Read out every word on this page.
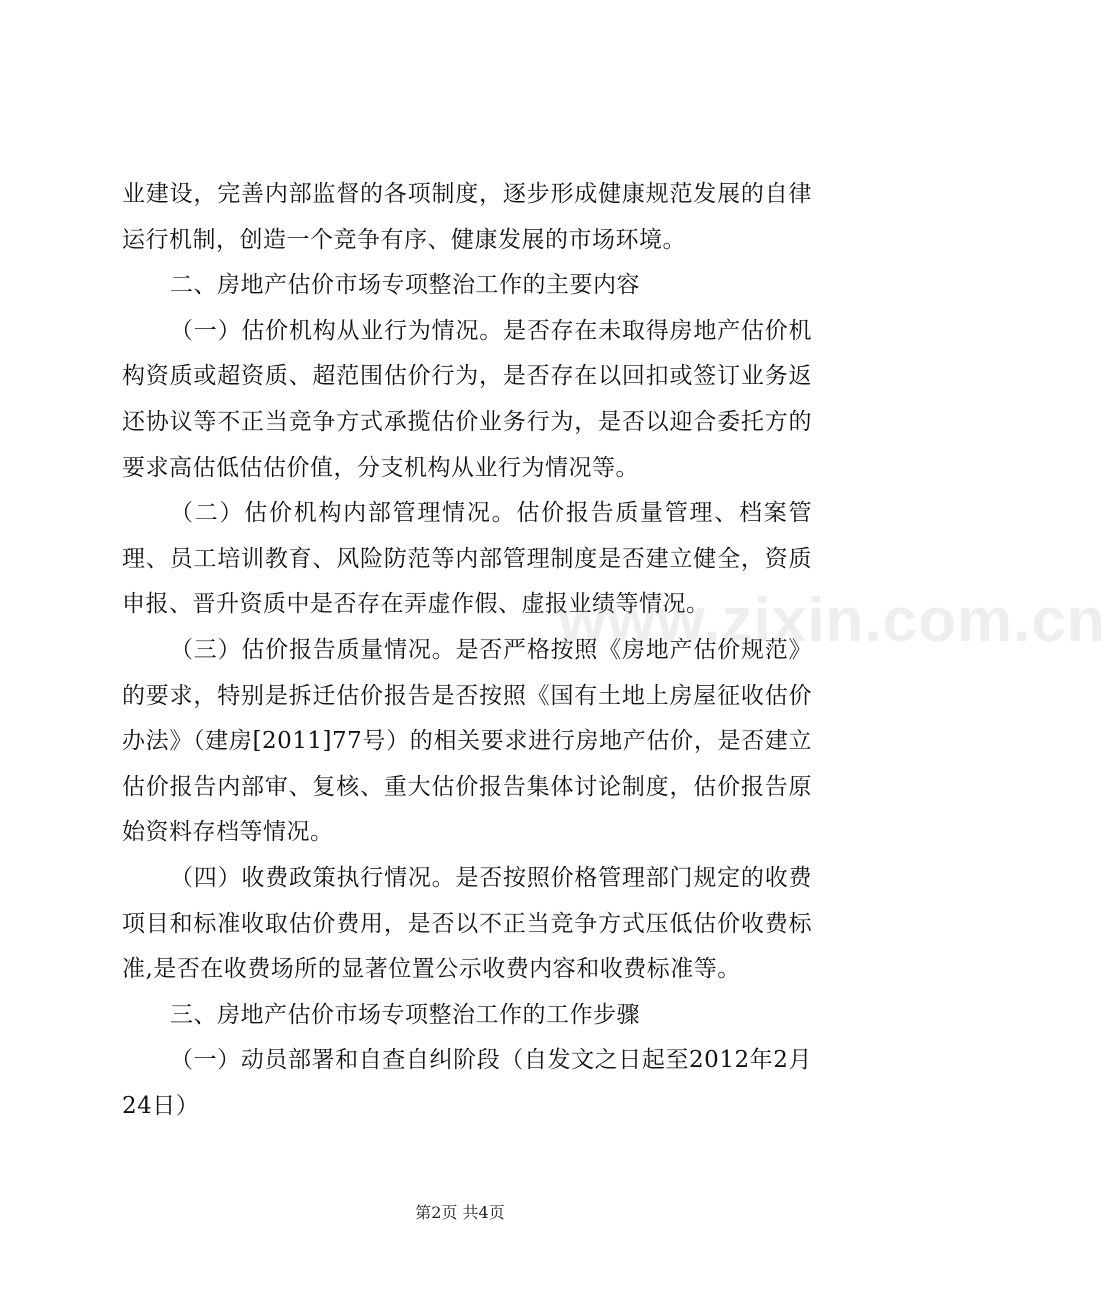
业建设，完善内部监督的各项制度，逐步形成健康规范发展的自律运行机制，创造一个竞争有序、健康发展的市场环境。

二、房地产估价市场专项整治工作的主要内容

（一）估价机构从业行为情况。是否存在未取得房地产估价机构资质或超资质、超范围估价行为，是否存在以回扣或签订业务返还协议等不正当竞争方式承揽估价业务行为，是否以迎合委托方的要求高估低估估价值，分支机构从业行为情况等。

（二）估价机构内部管理情况。估价报告质量管理、档案管理、员工培训教育、风险防范等内部管理制度是否建立健全，资质申报、晋升资质中是否存在弄虚作假、虚报业绩等情况。

（三）估价报告质量情况。是否严格按照《房地产估价规范》的要求，特别是拆迁估价报告是否按照《国有土地上房屋征收估价办法》（建房[2011]77号）的相关要求进行房地产估价，是否建立估价报告内部审、复核、重大估价报告集体讨论制度，估价报告原始资料存档等情况。

（四）收费政策执行情况。是否按照价格管理部门规定的收费项目和标准收取估价费用，是否以不正当竞争方式压低估价收费标准,是否在收费场所的显著位置公示收费内容和收费标准等。

三、房地产估价市场专项整治工作的工作步骤

（一）动员部署和自查自纠阶段（自发文之日起至2012年2月24日）

www.zixin.com.cn
第2页 共4页
